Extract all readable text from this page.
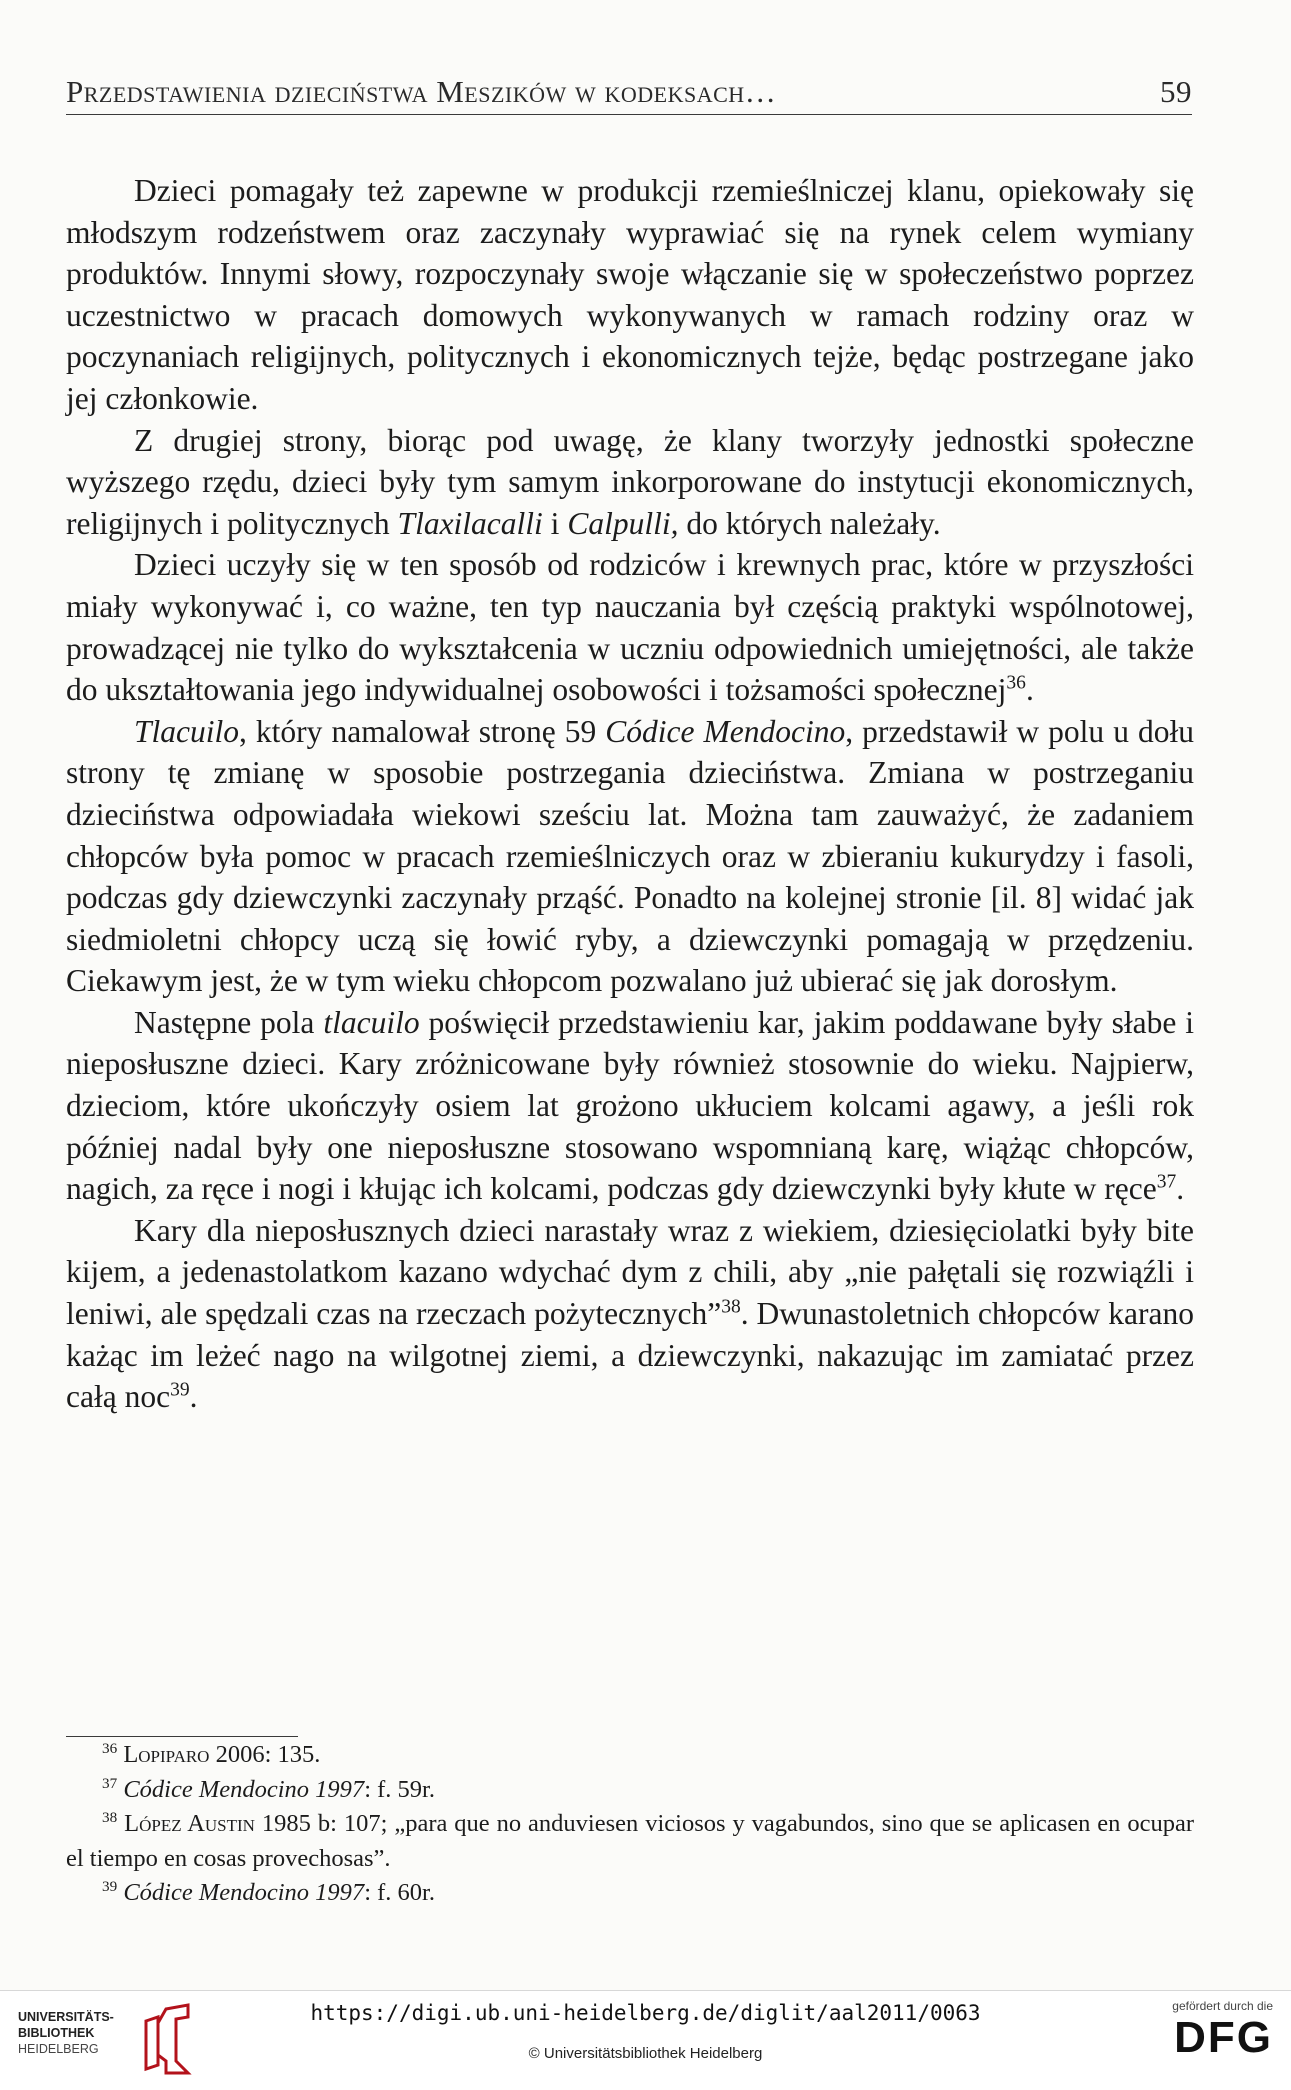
Przedstawienia dzieciństwa Meszików w kodeksach…	59

Dzieci pomagały też zapewne w produkcji rzemieślniczej klanu, opiekowały się młodszym rodzeństwem oraz zaczynały wyprawiać się na rynek celem wymiany produktów. Innymi słowy, rozpoczynały swoje włączanie się w społeczeństwo poprzez uczestnictwo w pracach domowych wykonywanych w ramach rodziny oraz w poczynaniach religijnych, politycznych i ekonomicznych tejże, będąc postrzegane jako jej członkowie.

Z drugiej strony, biorąc pod uwagę, że klany tworzyły jednostki społeczne wyższego rzędu, dzieci były tym samym inkorporowane do instytucji ekonomicznych, religijnych i politycznych Tlaxilacalli i Calpulli, do których należały.

Dzieci uczyły się w ten sposób od rodziców i krewnych prac, które w przyszłości miały wykonywać i, co ważne, ten typ nauczania był częścią praktyki wspólnotowej, prowadzącej nie tylko do wykształcenia w uczniu odpowiednich umiejętności, ale także do ukształtowania jego indywidualnej osobowości i tożsamości społecznej$^{36}$.

Tlacuilo, który namalował stronę 59 Códice Mendocino, przedstawił w polu u dołu strony tę zmianę w sposobie postrzegania dzieciństwa. Zmiana w postrzeganiu dzieciństwa odpowiadała wiekowi sześciu lat. Można tam zauważyć, że zadaniem chłopców była pomoc w pracach rzemieślniczych oraz w zbieraniu kukurydzy i fasoli, podczas gdy dziewczynki zaczynały prząść. Ponadto na kolejnej stronie [il. 8] widać jak siedmioletni chłopcy uczą się łowić ryby, a dziewczynki pomagają w przędzeniu. Ciekawym jest, że w tym wieku chłopcom pozwalano już ubierać się jak dorosłym.

Następne pola tlacuilo poświęcił przedstawieniu kar, jakim poddawane były słabe i nieposłuszne dzieci. Kary zróżnicowane były również stosownie do wieku. Najpierw, dzieciom, które ukończyły osiem lat grożono ukłuciem kolcami agawy, a jeśli rok później nadal były one nieposłuszne stosowano wspomnianą karę, wiążąc chłopców, nagich, za ręce i nogi i kłując ich kolcami, podczas gdy dziewczynki były kłute w ręce$^{37}$.

Kary dla nieposłusznych dzieci narastały wraz z wiekiem, dziesięciolatki były bite kijem, a jedenastolatkom kazano wdychać dym z chili, aby „nie pałętali się rozwiąźli i leniwi, ale spędzali czas na rzeczach pożytecznych”$^{38}$. Dwunastoletnich chłopców karano każąc im leżeć nago na wilgotnej ziemi, a dziewczynki, nakazując im zamiatać przez całą noc$^{39}$.

$^{36}$ Lopiparo 2006: 135.

$^{37}$ Códice Mendocino 1997: f. 59r.

$^{38}$ López Austin 1985 b: 107; „para que no anduviesen viciosos y vagabundos, sino que se aplicasen en ocupar el tiempo en cosas provechosas”.

$^{39}$ Códice Mendocino 1997: f. 60r.

UNIVERSITÄTS-
BIBLIOTHEK
HEIDELBERG
https://digi.ub.uni-heidelberg.de/diglit/aal2011/0063
© Universitätsbibliothek Heidelberg
gefördert durch die
DFG
